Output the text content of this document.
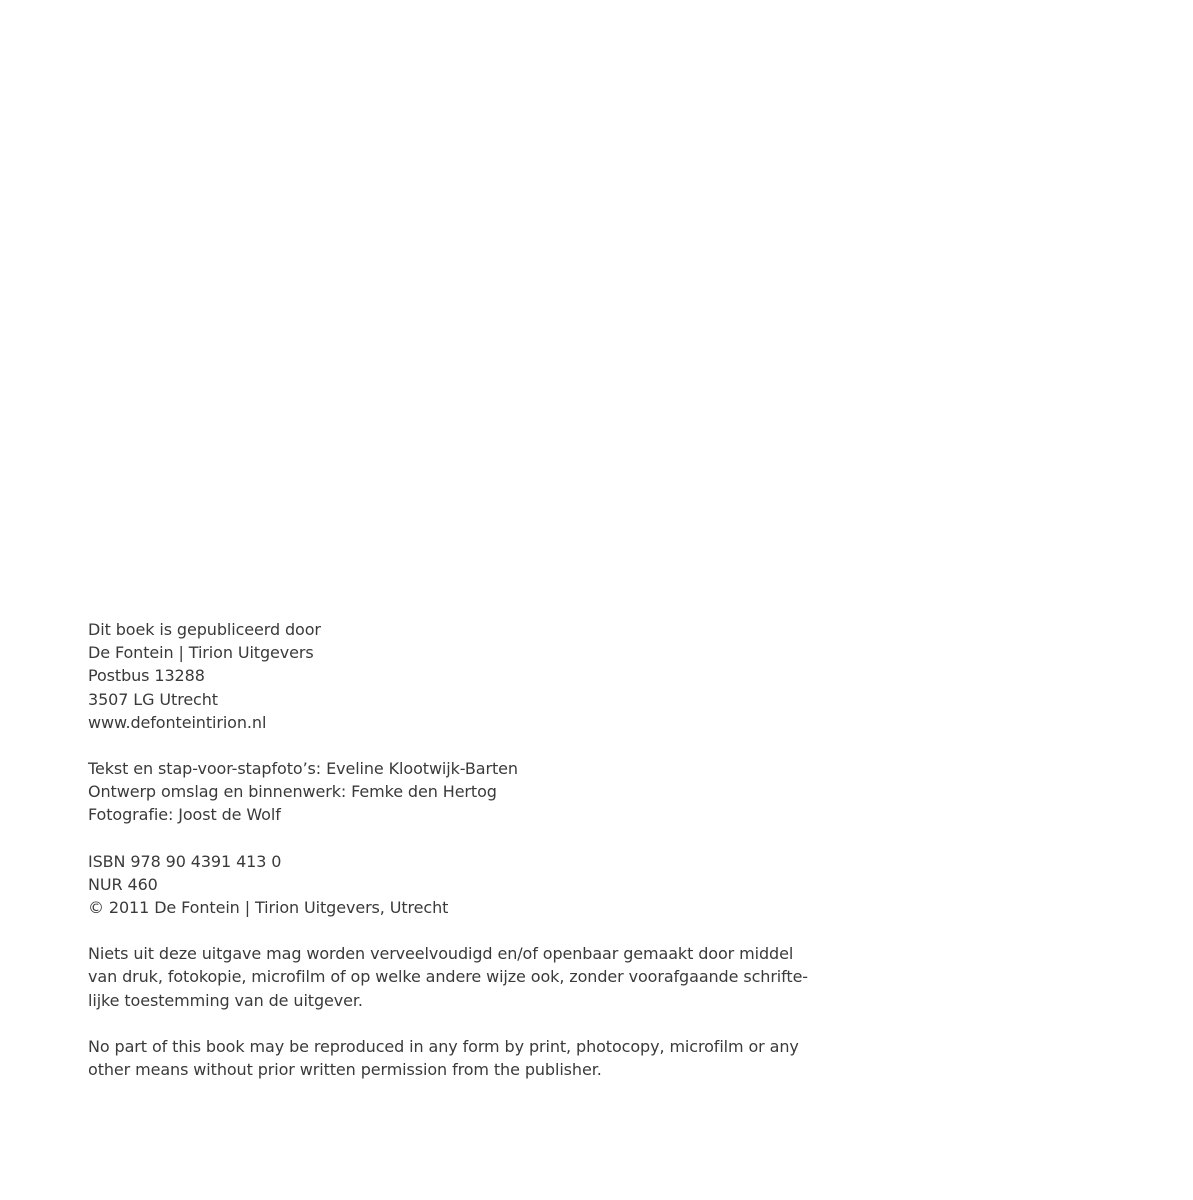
Dit boek is gepubliceerd door
De Fontein | Tirion Uitgevers
Postbus 13288
3507 LG Utrecht
www.defonteintirion.nl
Tekst en stap-voor-stapfoto’s: Eveline Klootwijk-Barten
Ontwerp omslag en binnenwerk: Femke den Hertog
Fotografie: Joost de Wolf
ISBN 978 90 4391 413 0
NUR 460
© 2011 De Fontein | Tirion Uitgevers, Utrecht
Niets uit deze uitgave mag worden verveelvoudigd en/of openbaar gemaakt door middel
van druk, fotokopie, microfilm of op welke andere wijze ook, zonder voorafgaande schrifte-
lijke toestemming van de uitgever.
No part of this book may be reproduced in any form by print, photocopy, microfilm or any
other means without prior written permission from the publisher.
